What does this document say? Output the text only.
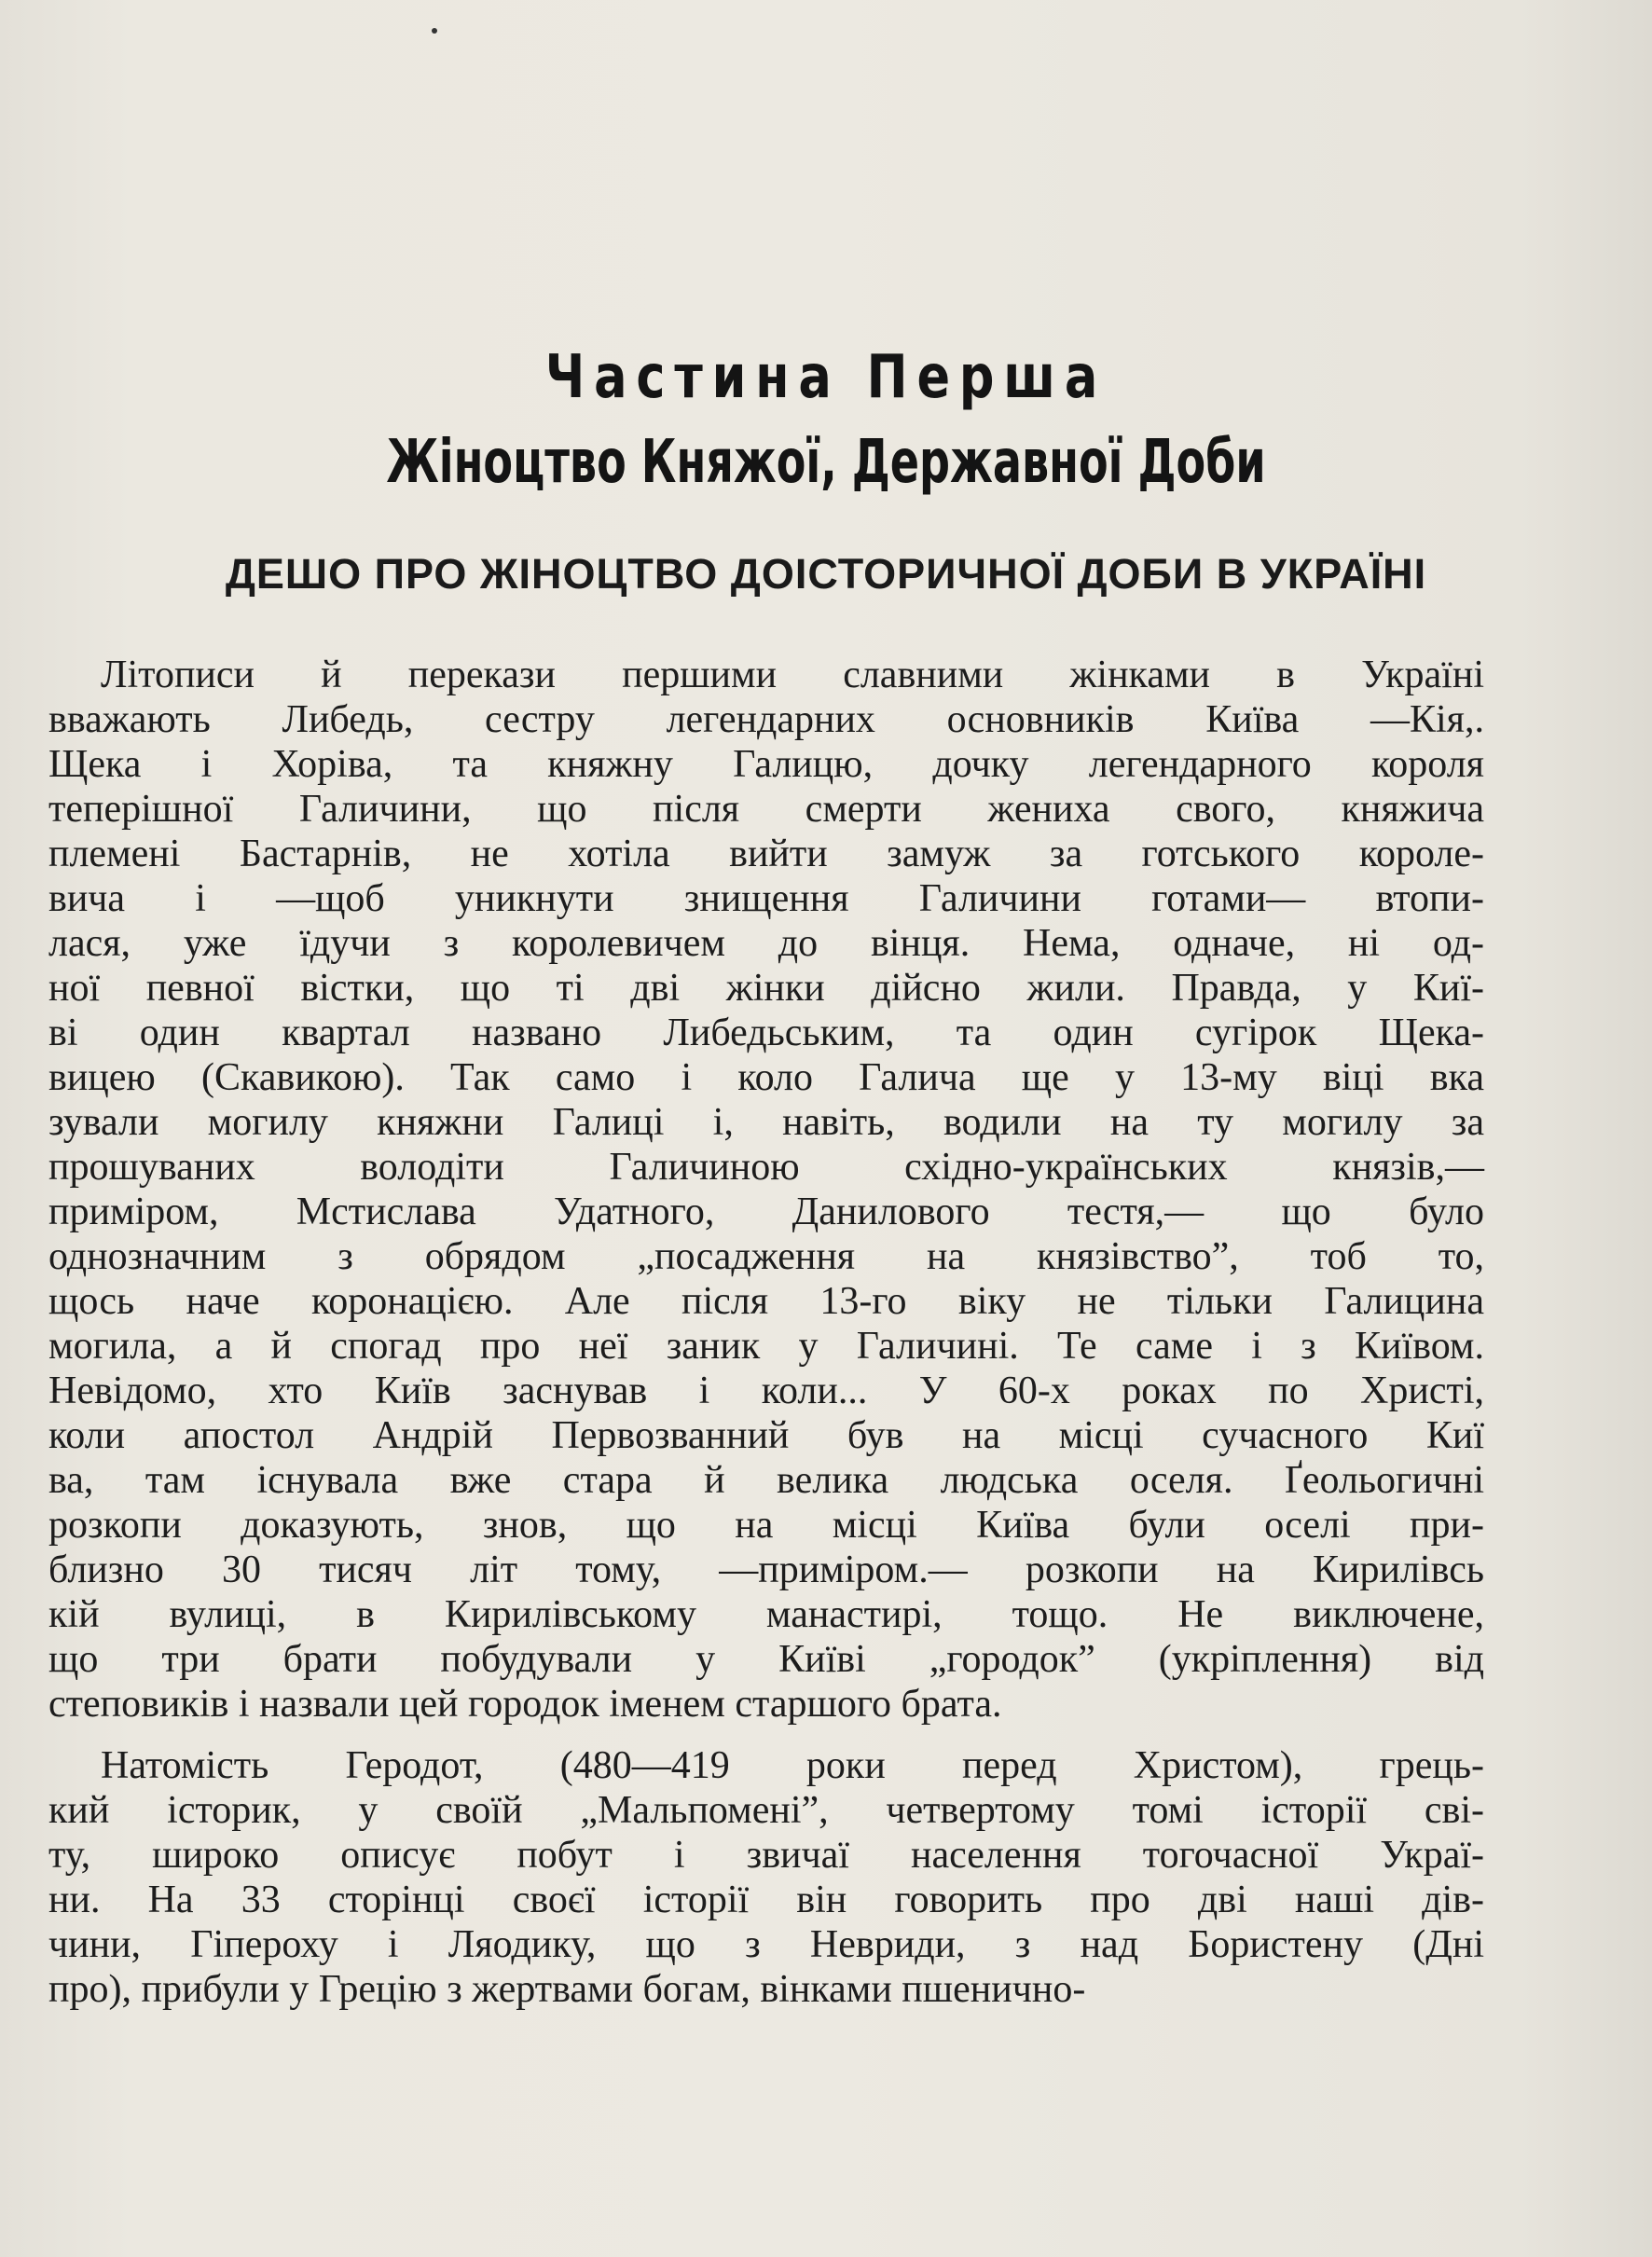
Частина Перша
Жіноцтво Княжої, Державної Доби
ДЕШО ПРО ЖІНОЦТВО ДОІСТОРИЧНОЇ ДОБИ В УКРАЇНІ
Літописи й перекази першими славними жінками в Україні
вважають Либедь, сестру легендарних основників Київа —Кія,.
Щека і Хоріва, та княжну Галицю, дочку легендарного короля
теперішної Галичини, що після смерти жениха свого, княжича
племені Бастарнів, не хотіла вийти замуж за готського короле-
вича і —щоб уникнути знищення Галичини готами— втопи-
лася, уже їдучи з королевичем до вінця. Нема, одначе, ні од-
ної певної вістки, що ті дві жінки дійсно жили. Правда, у Киї-
ві один квартал названо Либедьським, та один сугірок Щека-
вицею (Скавикою). Так само і коло Галича ще у 13-му віці вка
зували могилу княжни Галиці і, навіть, водили на ту могилу за
прошуваних володіти Галичиною східно-українських князів,—
приміром, Мстислава Удатного, Данилового тестя,— що було
однозначним з обрядом „посадження на князівство”, тоб то,
щось наче коронацією. Але після 13-го віку не тільки Галицина
могила, а й спогад про неї заник у Галичині. Те саме і з Київом.
Невідомо, хто Київ заснував і коли... У 60-х роках по Христі,
коли апостол Андрій Первозванний був на місці сучасного Киї
ва, там існувала вже стара й велика людська оселя. Ґеольогичні
розкопи доказують, знов, що на місці Київа були оселі при-
близно 30 тисяч літ тому, —приміром.— розкопи на Кирилівсь
кій вулиці, в Кирилівському манастирі, тощо. Не виключене,
що три брати побудували у Київі „городок” (укріплення) від
степовиків і назвали цей городок іменем старшого брата.
Натомість Геродот, (480—419 роки перед Христом), грець-
кий історик, у своїй „Мальпомені”, четвертому томі історії сві-
ту, широко описує побут і звичаї населення тогочасної Украї-
ни. На 33 сторінці своєї історії він говорить про дві наші дів-
чини, Гіпероху і Ляодику, що з Невриди, з над Бористену (Дні
про), прибули у Грецію з жертвами богам, вінками пшенично-
